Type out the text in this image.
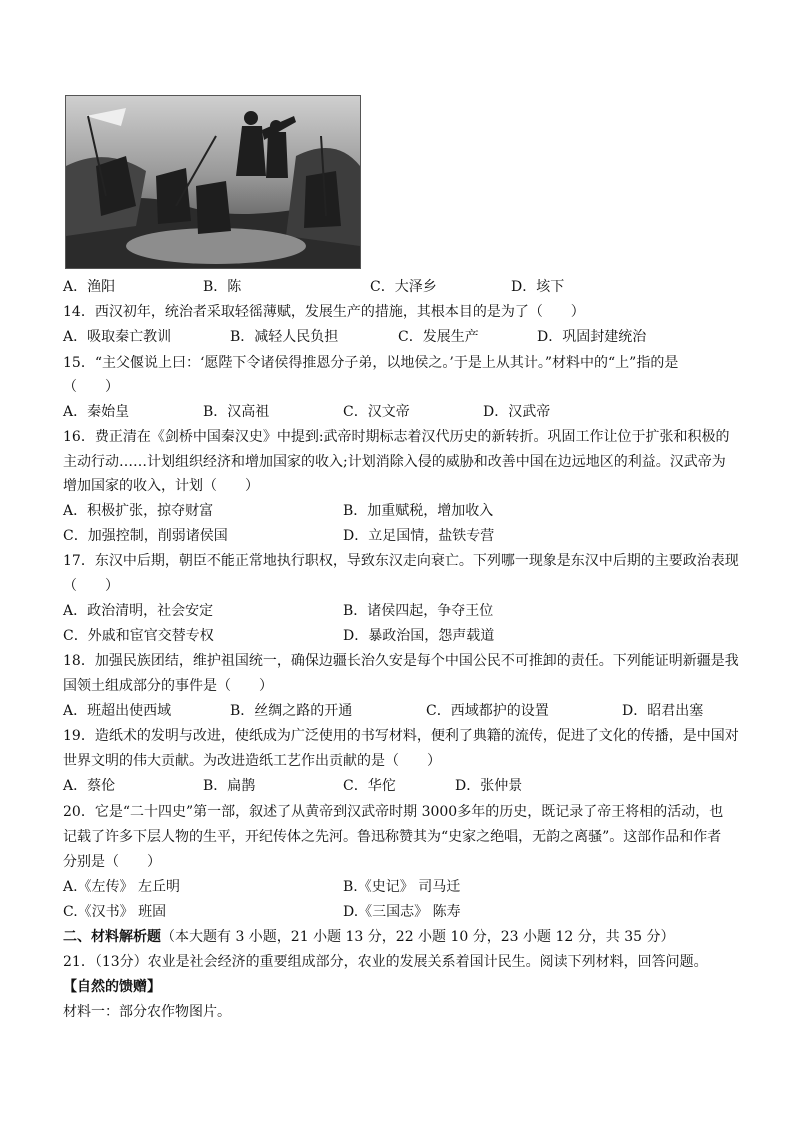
A．渔阳	B．陈	C．大泽乡	D．垓下
14．西汉初年，统治者采取轻徭薄赋，发展生产的措施，其根本目的是为了（　　）
A．吸取秦亡教训	B．减轻人民负担	C．发展生产	D．巩固封建统治
15．“主父偃说上曰：‘愿陛下令诸侯得推恩分子弟，以地侯之。’于是上从其计。”材料中的“上”指的是
（　　）
A．秦始皇	B．汉高祖	C．汉文帝	D．汉武帝
16．费正清在《剑桥中国秦汉史》中提到:武帝时期标志着汉代历史的新转折。巩固工作让位于扩张和积极的
主动行动……计划组织经济和增加国家的收入;计划消除入侵的威胁和改善中国在边远地区的利益。汉武帝为
增加国家的收入，计划（　　）
A．积极扩张，掠夺财富	B．加重赋税，增加收入
C．加强控制，削弱诸侯国	D．立足国情，盐铁专营
17．东汉中后期，朝臣不能正常地执行职权，导致东汉走向衰亡。下列哪一现象是东汉中后期的主要政治表现
（　　）
A．政治清明，社会安定	B．诸侯四起，争夺王位
C．外戚和宦官交替专权	D．暴政治国，怨声载道
18．加强民族团结，维护祖国统一，确保边疆长治久安是每个中国公民不可推卸的责任。下列能证明新疆是我
国领土组成部分的事件是（　　）
A．班超出使西域	B．丝绸之路的开通	C．西域都护的设置	D．昭君出塞
19．造纸术的发明与改进，使纸成为广泛使用的书写材料，便利了典籍的流传，促进了文化的传播，是中国对
世界文明的伟大贡献。为改进造纸工艺作出贡献的是（　　）
A．蔡伦	B．扁鹊	C．华佗	D．张仲景
20．它是“二十四史”第一部，叙述了从黄帝到汉武帝时期 3000多年的历史，既记录了帝王将相的活动，也
记载了许多下层人物的生平，开纪传体之先河。鲁迅称赞其为“史家之绝唱，无韵之离骚”。这部作品和作者
分别是（　　）
A.《左传》 左丘明	B.《史记》 司马迁
C.《汉书》 班固	D.《三国志》 陈寿
二、材料解析题（本大题有 3 小题，21 小题 13 分，22 小题 10 分，23 小题 12 分，共 35 分）
21．（13分）农业是社会经济的重要组成部分，农业的发展关系着国计民生。阅读下列材料，回答问题。
【自然的馈赠】
材料一：部分农作物图片。
